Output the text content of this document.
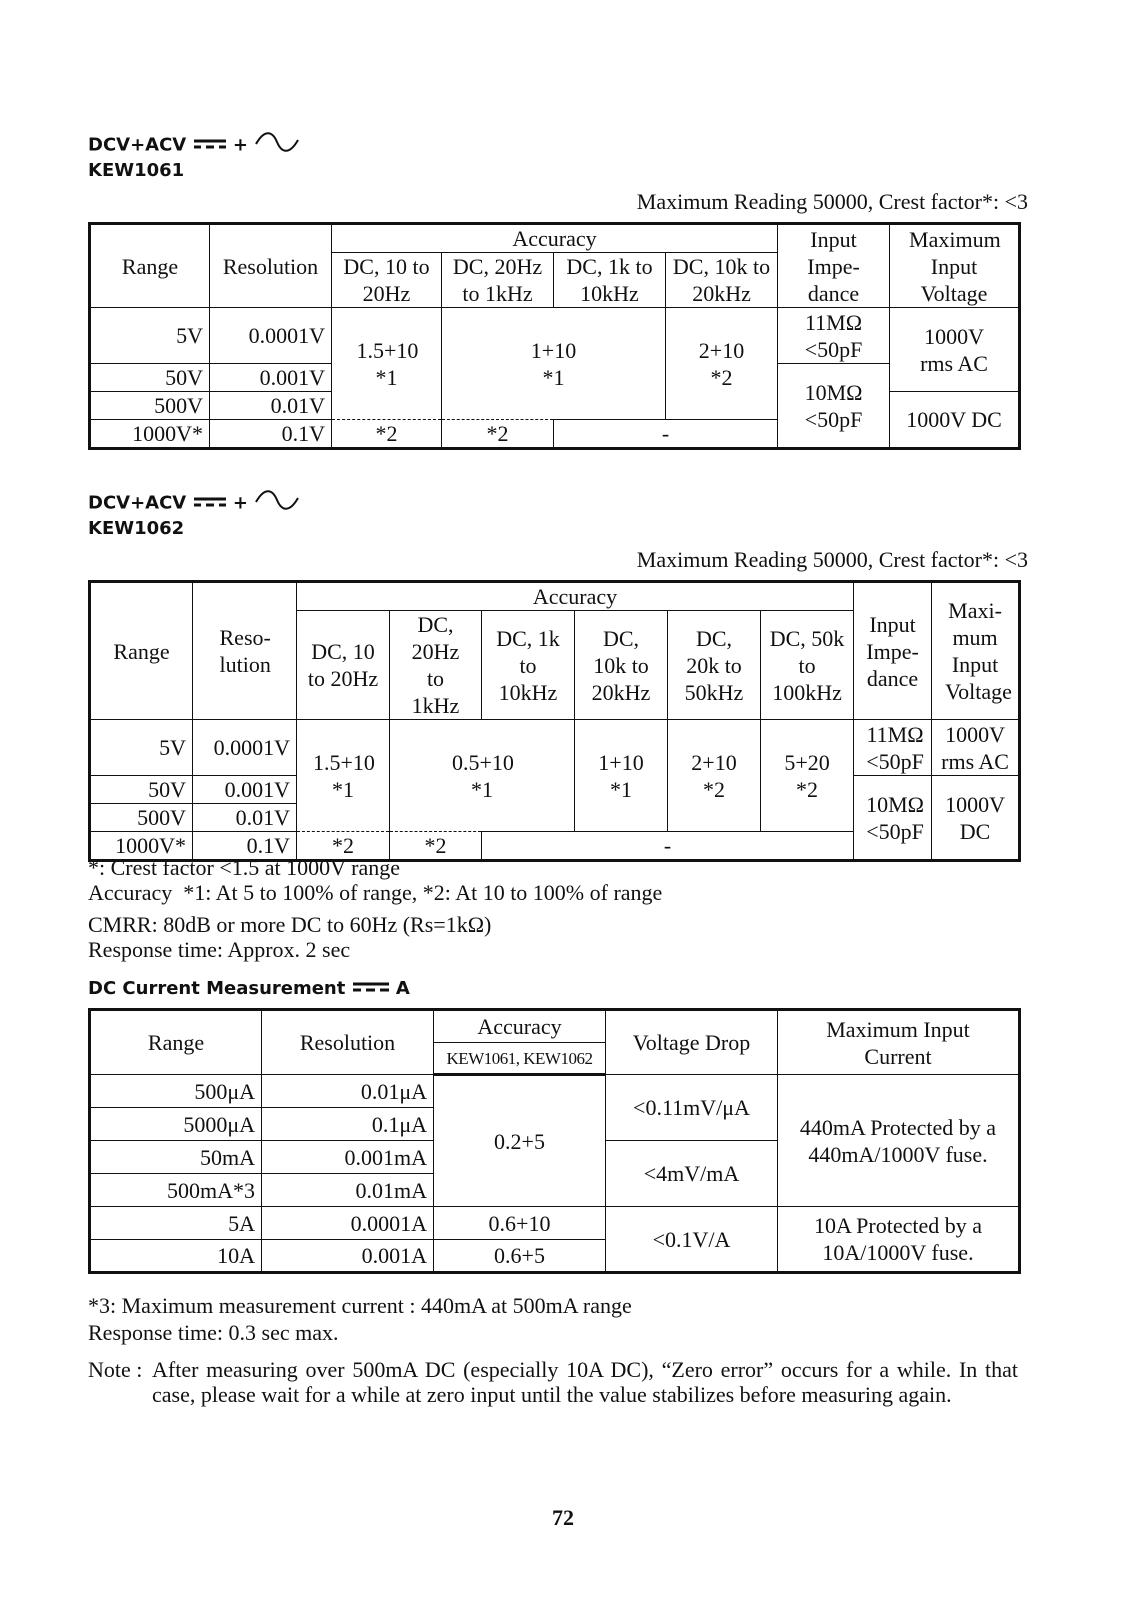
DCV+ACV	+
KEW1061
Maximum Reading 50000, Crest factor*: <3
Range	Resolution	Accuracy				Input Impe- dance	Maximum Input Voltage

		DC, 10 to 20Hz	DC, 20Hz to 1kHz	DC, 1k to 10kHz	DC, 10k to 20kHz		

5V	0.0001V	1.5+10 *1	1+10 *1		2+10 *2	11MΩ <50pF	1000V rms AC

50V	0.001V					10MΩ <50pF	

500V	0.01V						1000V DC

1000V*	0.1V	*2	*2	-			
DCV+ACV	+
KEW1062
Maximum Reading 50000, Crest factor*: <3
Range	Reso- lution	Accuracy						Input Impe- dance	Maxi- mum Input Voltage

		DC, 10 to 20Hz	DC, 20Hz to 1kHz	DC, 1k to 10kHz	DC, 10k to 20kHz	DC, 20k to 50kHz	DC, 50k to 100kHz		

5V	0.0001V	1.5+10 *1	0.5+10 *1		1+10 *1	2+10 *2	5+20 *2	11MΩ <50pF	1000V rms AC

50V	0.001V							10MΩ <50pF	1000V DC

500V	0.01V								
1000V*	0.1V	*2	*2	-					
*: Crest factor <1.5 at 1000V range
Accuracy  *1: At 5 to 100% of range, *2: At 10 to 100% of range
CMRR: 80dB or more DC to 60Hz (Rs=1kΩ)
Response time: Approx. 2 sec
DC Current Measurement	A
Range	Resolution	Accuracy	Voltage Drop	Maximum Input Current

		KEW1061, KEW1062		
500μA	0.01μA	0.2+5	<0.11mV/μA	440mA Protected by a 440mA/1000V fuse.

5000μA	0.1μA			
50mA	0.001mA		<4mV/mA	
500mA*3	0.01mA			
5A	0.0001A	0.6+10	<0.1V/A	10A Protected by a 10A/1000V fuse.

10A	0.001A	0.6+5		
*3: Maximum measurement current : 440mA at 500mA range
Response time: 0.3 sec max.
Note : After measuring over 500mA DC (especially 10A DC), “Zero error” occurs for a while. In that case, please wait for a while at zero input until the value stabilizes before measuring again.
72
